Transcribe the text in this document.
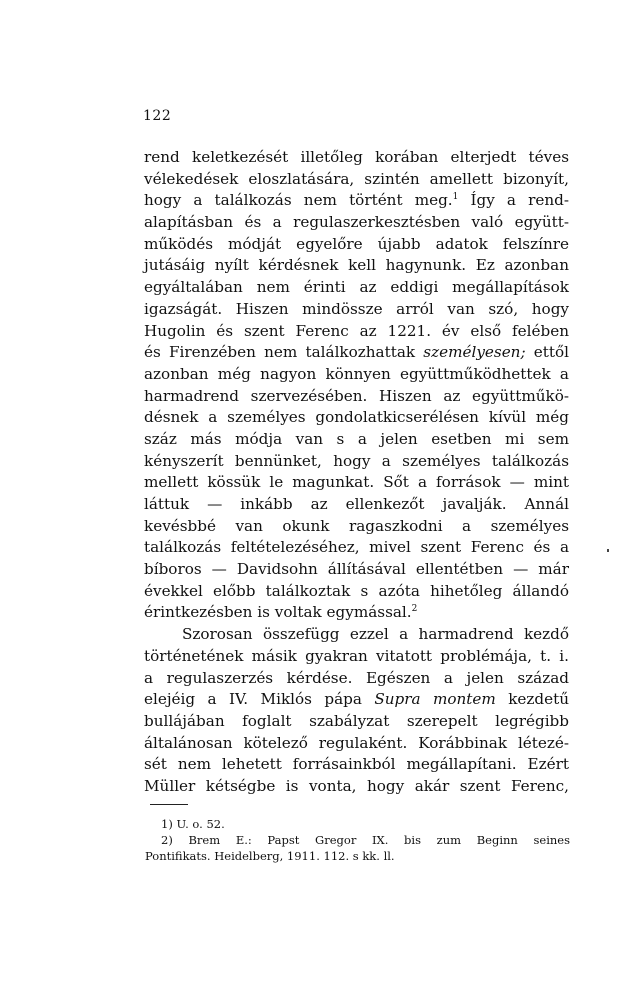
122
rend keletkezését illetőleg korában elterjedt téves
vélekedések eloszlatására, szintén amellett bizonyít,
hogy a találkozás nem történt meg.$^1$ Így a rend-
alapításban és a regulaszerkesztésben való együtt-
működés módját egyelőre újabb adatok felszínre
jutásáig nyílt kérdésnek kell hagynunk. Ez azonban
egyáltalában nem érinti az eddigi megállapítások
igazságát. Hiszen mindössze arról van szó, hogy
Hugolin és szent Ferenc az 1221. év első felében
és Firenzében nem találkozhattak személyesen; ettől
azonban még nagyon könnyen együttműködhettek a
harmadrend szervezésében. Hiszen az együttműkö-
désnek a személyes gondolatkicserélésen kívül még
száz más módja van s a jelen esetben mi sem
kényszerít bennünket, hogy a személyes találkozás
mellett kössük le magunkat. Sőt a források — mint
láttuk — inkább az ellenkezőt javalják. Annál
kevésbbé van okunk ragaszkodni a személyes
találkozás feltételezéséhez, mivel szent Ferenc és a
bíboros — Davidsohn állításával ellentétben — már
évekkel előbb találkoztak s azóta hihetőleg állandó
érintkezésben is voltak egymással.$^2$
Szorosan összefügg ezzel a harmadrend kezdő
történetének másik gyakran vitatott problémája, t. i.
a regulaszerzés kérdése. Egészen a jelen század
elejéig a IV. Miklós pápa Supra montem kezdetű
bullájában foglalt szabályzat szerepelt legrégibb
általánosan kötelező regulaként. Korábbinak létezé-
sét nem lehetett forrásainkból megállapítani. Ezért
Müller kétségbe is vonta, hogy akár szent Ferenc,
1) U. o. 52.
2) Brem E.: Papst Gregor IX. bis zum Beginn seines
Pontifikats. Heidelberg, 1911. 112. s kk. ll.
